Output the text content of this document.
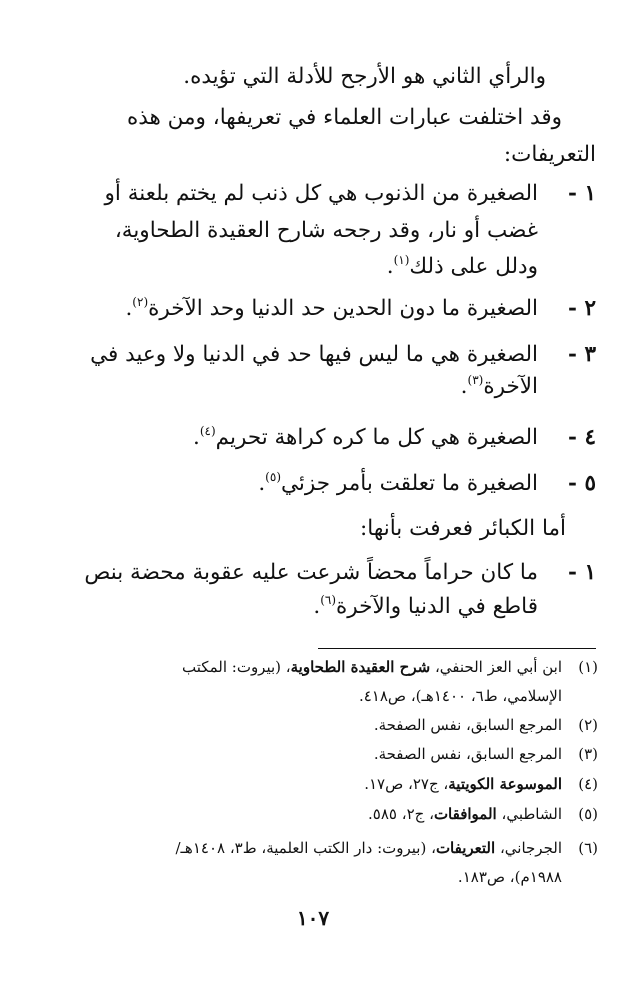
والرأي الثاني هو الأرجح للأدلة التي تؤيده.
وقد اختلفت عبارات العلماء في تعريفها، ومن هذه
التعريفات:
١ -
الصغيرة من الذنوب هي كل ذنب لم يختم بلعنة أو
غضب أو نار، وقد رجحه شارح العقيدة الطحاوية،
ودلل على ذلك$^{(١)}$.
٢ -
الصغيرة ما دون الحدين حد الدنيا وحد الآخرة$^{(٢)}$.
٣ -
الصغيرة هي ما ليس فيها حد في الدنيا ولا وعيد في
الآخرة$^{(٣)}$.
٤ -
الصغيرة هي كل ما كره كراهة تحريم$^{(٤)}$.
٥ -
الصغيرة ما تعلقت بأمر جزئي$^{(٥)}$.
أما الكبائر فعرفت بأنها:
١ -
ما كان حراماً محضاً شرعت عليه عقوبة محضة بنص
قاطع في الدنيا والآخرة$^{(٦)}$.
(١)ابن أبي العز الحنفي، شرح العقيدة الطحاوية، (بيروت: المكتب
الإسلامي، ط٦، ١٤٠٠هـ)، ص٤١٨.
(٢)المرجع السابق، نفس الصفحة.
(٣)المرجع السابق، نفس الصفحة.
(٤)الموسوعة الكويتية، ج٢٧، ص١٧.
(٥)الشاطبي، الموافقات، ج٢، ٥٨٥.
(٦)الجرجاني، التعريفات، (بيروت: دار الكتب العلمية، ط٣، ١٤٠٨هـ/
١٩٨٨م)، ص١٨٣.
١٠٧
